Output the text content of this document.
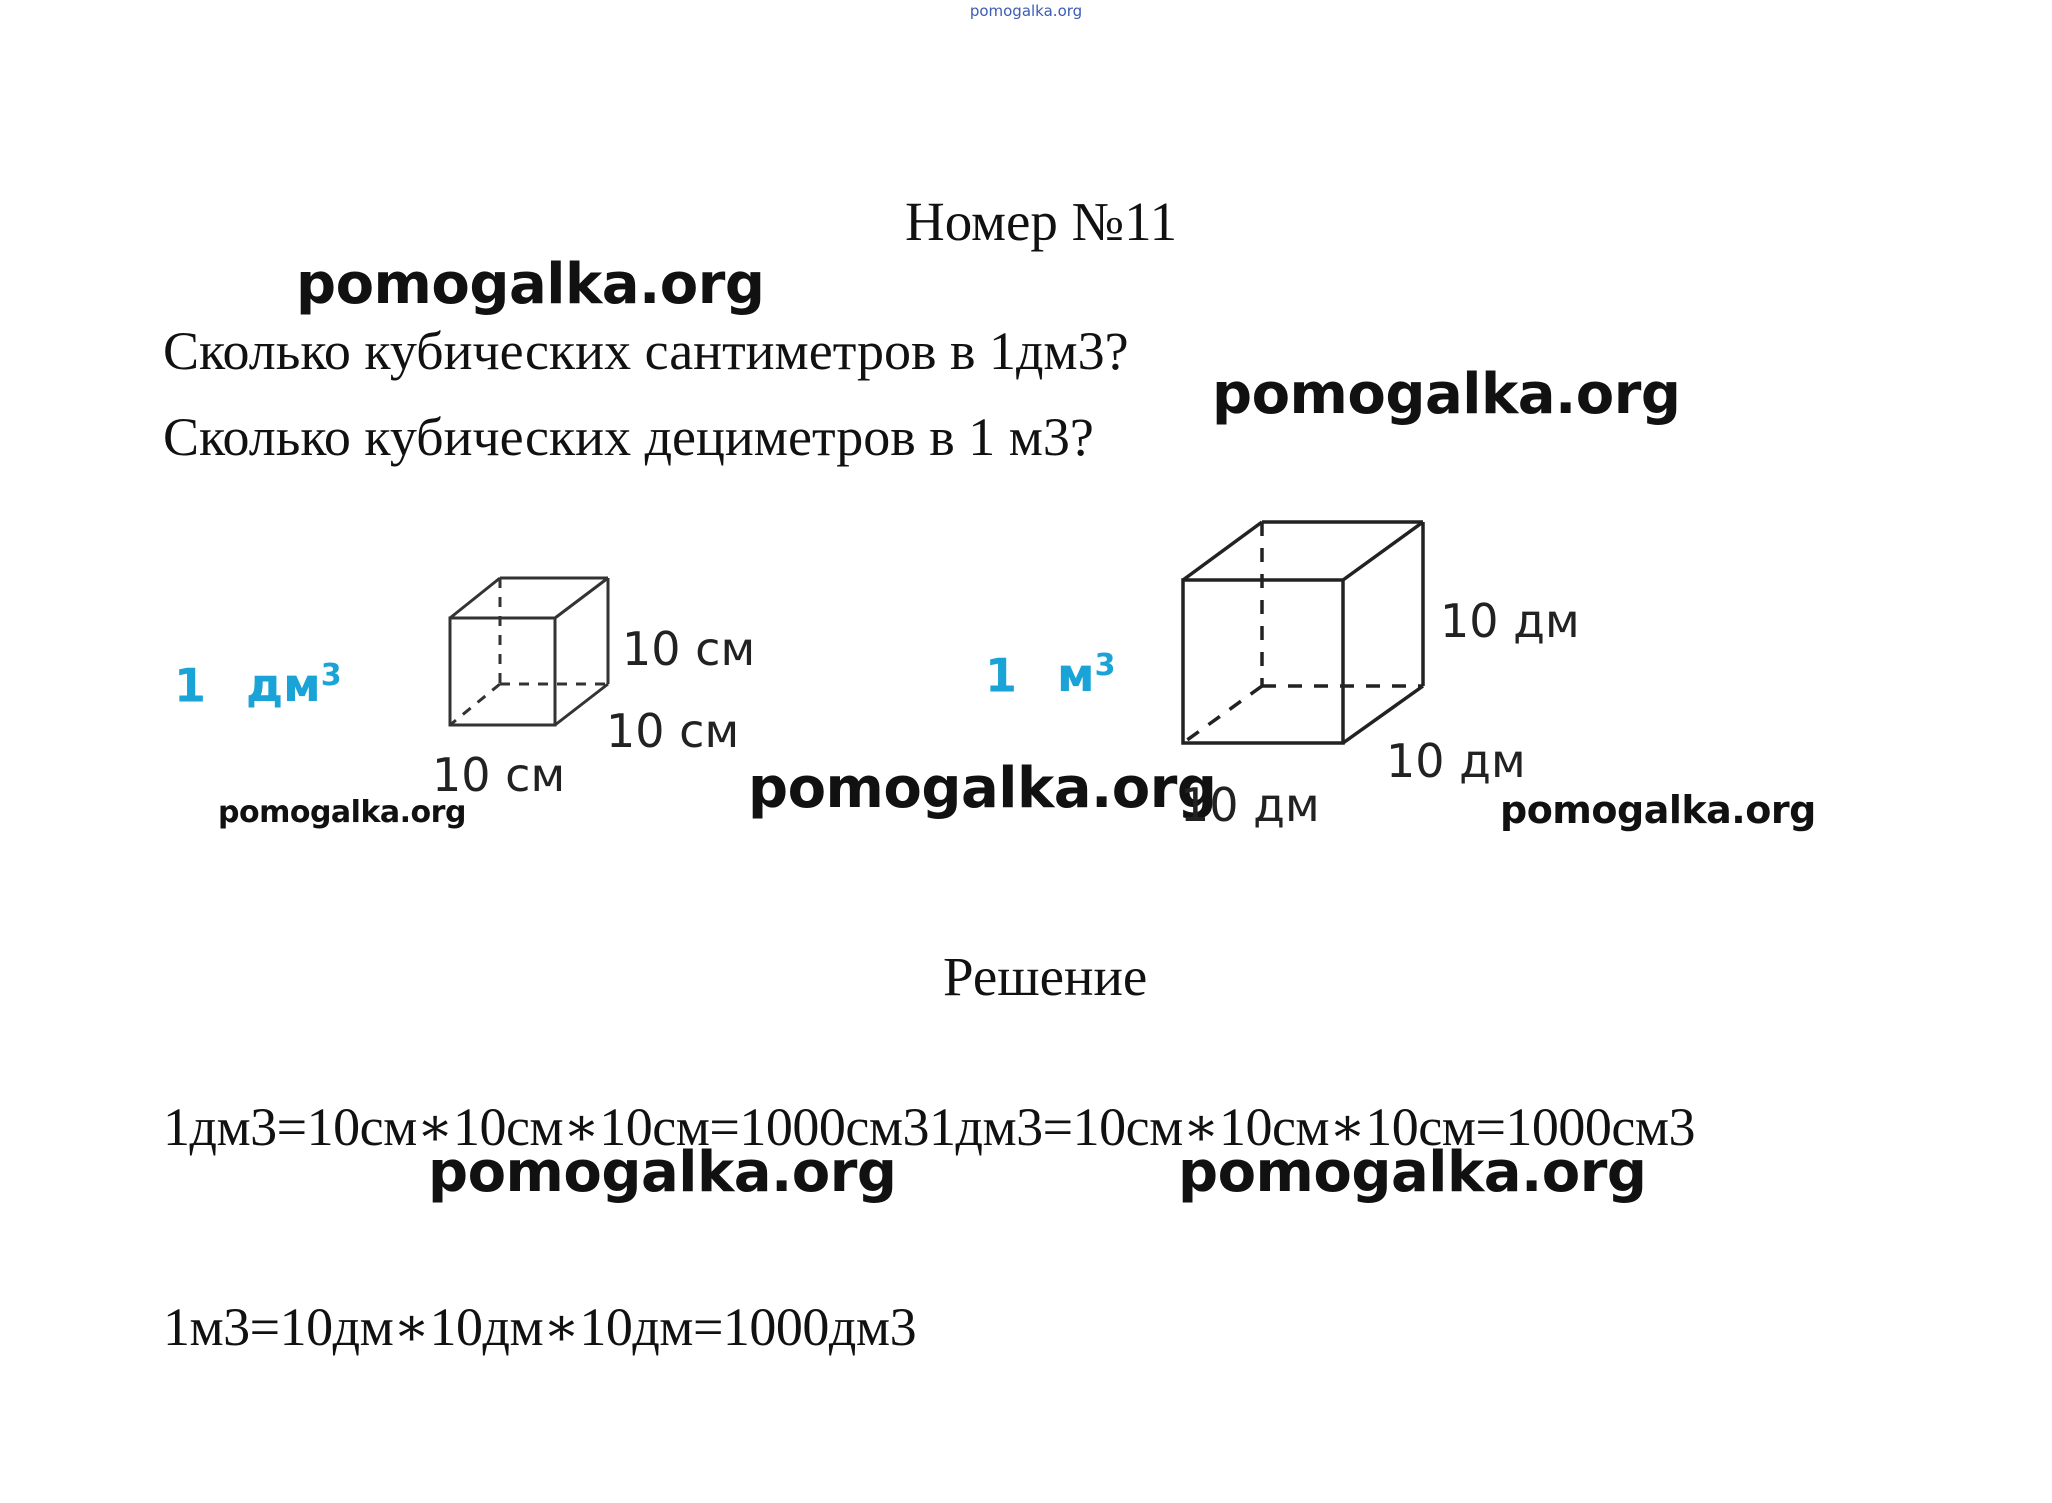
pomogalka.org
Номер №11
pomogalka.org
Сколько кубических сантиметров в 1дм3?
Сколько кубических дециметров в 1 м3?
pomogalka.org
1 $дм^3$	10 см
10 см
10 см
pomogalka.org	pomogalka.org
1 $м^3$
10 дм
10 дм
10 дм	pomogalka.org
Решение
1дм3=10см∗10см∗10см=1000см31дм3=10см∗10см∗10см=1000см3
pomogalka.org	pomogalka.org
1м3=10дм∗10дм∗10дм=1000дм3
